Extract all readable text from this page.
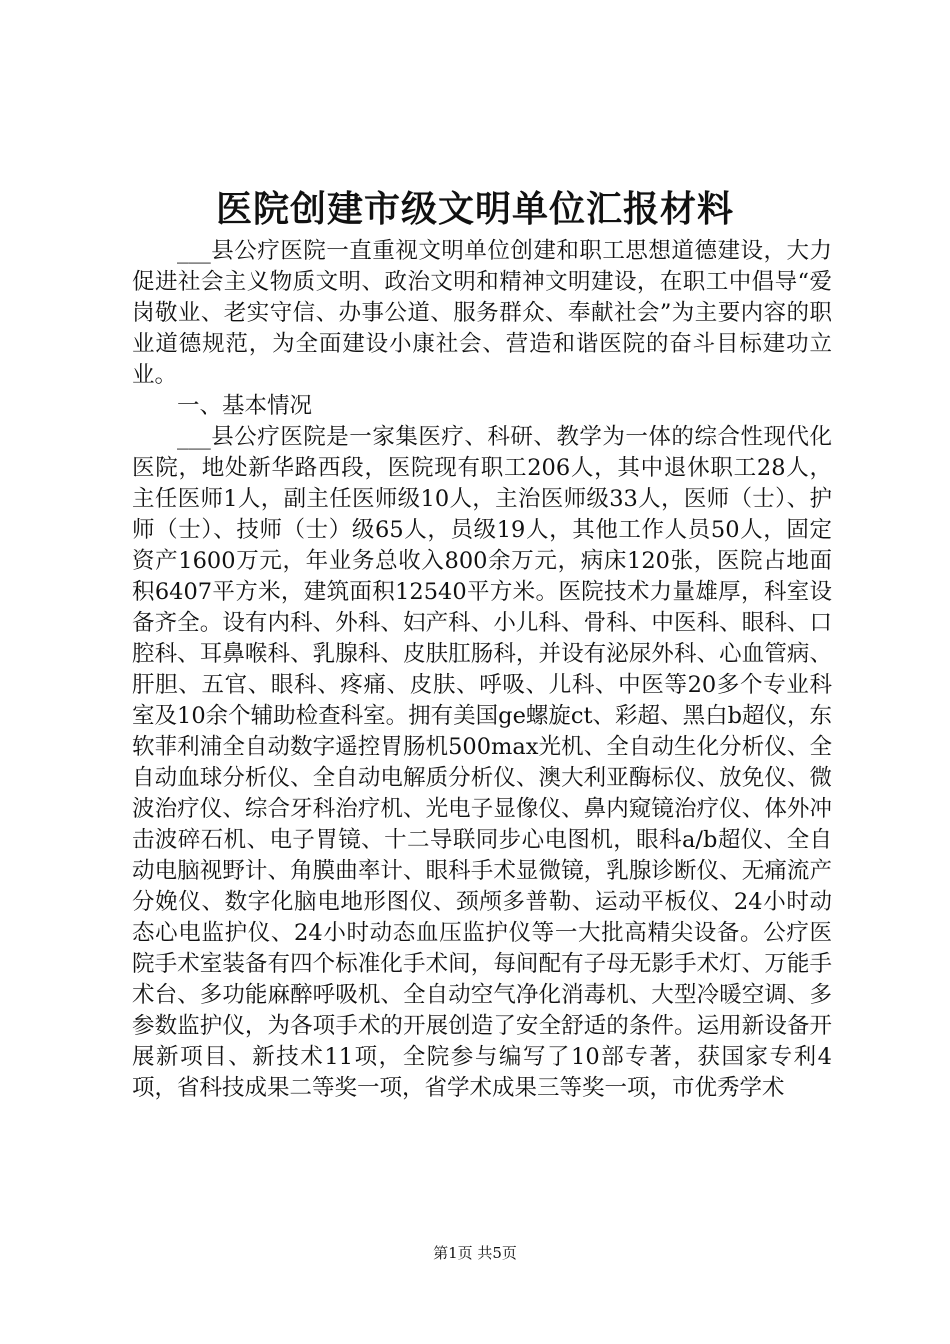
医院创建市级文明单位汇报材料

___县公疗医院一直重视文明单位创建和职工思想道德建设，大力促进社会主义物质文明、政治文明和精神文明建设，在职工中倡导“爱岗敬业、老实守信、办事公道、服务群众、奉献社会”为主要内容的职业道德规范，为全面建设小康社会、营造和谐医院的奋斗目标建功立业。

一、基本情况

___县公疗医院是一家集医疗、科研、教学为一体的综合性现代化医院，地处新华路西段，医院现有职工206人，其中退休职工28人，主任医师1人，副主任医师级10人，主治医师级33人，医师（士）、护师（士）、技师（士）级65人，员级19人，其他工作人员50人，固定资产1600万元，年业务总收入800余万元，病床120张，医院占地面积6407平方米，建筑面积12540平方米。医院技术力量雄厚，科室设备齐全。设有内科、外科、妇产科、小儿科、骨科、中医科、眼科、口腔科、耳鼻喉科、乳腺科、皮肤肛肠科，并设有泌尿外科、心血管病、肝胆、五官、眼科、疼痛、皮肤、呼吸、儿科、中医等20多个专业科室及10余个辅助检查科室。拥有美国ge螺旋ct、彩超、黑白b超仪，东软菲利浦全自动数字遥控胃肠机500max光机、全自动生化分析仪、全自动血球分析仪、全自动电解质分析仪、澳大利亚酶标仪、放免仪、微波治疗仪、综合牙科治疗机、光电子显像仪、鼻内窥镜治疗仪、体外冲击波碎石机、电子胃镜、十二导联同步心电图机，眼科a/b超仪、全自动电脑视野计、角膜曲率计、眼科手术显微镜，乳腺诊断仪、无痛流产分娩仪、数字化脑电地形图仪、颈颅多普勒、运动平板仪、24小时动态心电监护仪、24小时动态血压监护仪等一大批高精尖设备。公疗医院手术室装备有四个标准化手术间，每间配有子母无影手术灯、万能手术台、多功能麻醉呼吸机、全自动空气净化消毒机、大型冷暖空调、多参数监护仪，为各项手术的开展创造了安全舒适的条件。运用新设备开展新项目、新技术11项，全院参与编写了10部专著，获国家专利4项，省科技成果二等奖一项，省学术成果三等奖一项，市优秀学术

第1页 共5页
